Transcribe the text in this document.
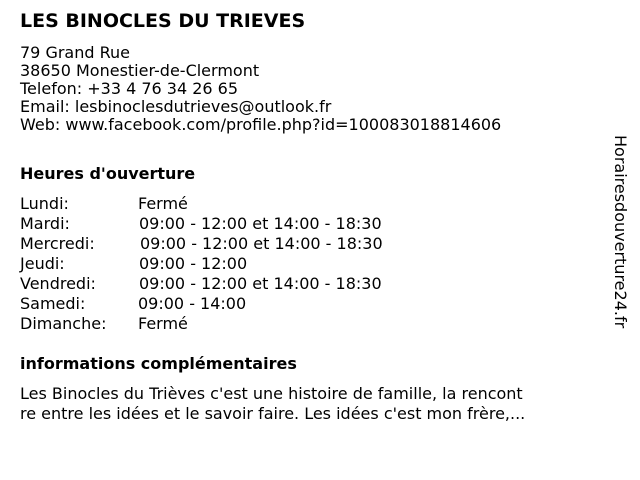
LES BINOCLES DU TRIEVES
79 Grand Rue
38650 Monestier-de-Clermont
Telefon: +33 4 76 34 26 65
Email: lesbinoclesdutrieves@outlook.fr
Web: www.facebook.com/profile.php?id=100083018814606
Heures d'ouverture
Lundi:	Fermé
Mardi:	09:00 - 12:00 et 14:00 - 18:30
Mercredi:	09:00 - 12:00 et 14:00 - 18:30
Jeudi:	09:00 - 12:00
Vendredi:	09:00 - 12:00 et 14:00 - 18:30
Samedi:	09:00 - 14:00
Dimanche: Fermé
informations complémentaires
Les Binocles du Trièves c'est une histoire de famille, la rencont
re entre les idées et le savoir faire. Les idées c'est mon frère,...
Horairesdouverture24.fr
